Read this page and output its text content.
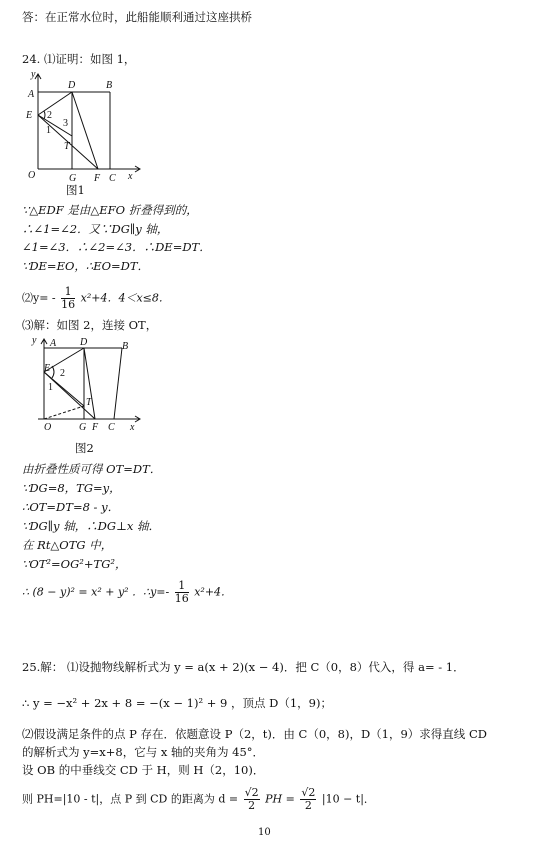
答：在正常水位时，此船能顺利通过这座拱桥
24. ⑴证明：如图 1，
y
A
D	B
E
T
O	G F C x
2
3
1
图1
∵△EDF 是由△EFO 折叠得到的，
∴∠1=∠2．又∵DG∥y 轴，
∠1=∠3．∴∠2=∠3．∴DE=DT．
∵DE=EO，∴EO=DT．
⑵y= - $\frac{1}{16} x^2+4$．4＜x≤8．
⑶解：如图 2，连接 OT，
y A D	B
E
T
O	G F C x
2
1
图2
由折叠性质可得 OT=DT．
∵DG=8，TG=y，
∴OT=DT=8 - y．
∵DG∥y 轴，∴DG⊥x 轴．
在 Rt△OTG 中，
∵OT²=OG²+TG²，
∴ (8 − y)² = x² + y² ．∴y=- $\frac{1}{16} x^2+4$．
25.解： ⑴设抛物线解析式为 y = a(x + 2)(x − 4)．把 C（0，8）代入，得 a= - 1．
∴ y = −x² + 2x + 8 = −(x − 1)² + 9 ，顶点 D（1，9)；
⑵假设满足条件的点 P 存在．依题意设 P（2，t)．由 C（0，8)，D（1，9）求得直线 CD
的解析式为 y=x+8，它与 x 轴的夹角为 45°．
设 OB 的中垂线交 CD 于 H，则 H（2，10)．
则 PH=|10 - t|，点 P 到 CD 的距离为 $d = \frac{√2}{2}$ PH = $\frac{√2}{2} |10 - t|$．
10
